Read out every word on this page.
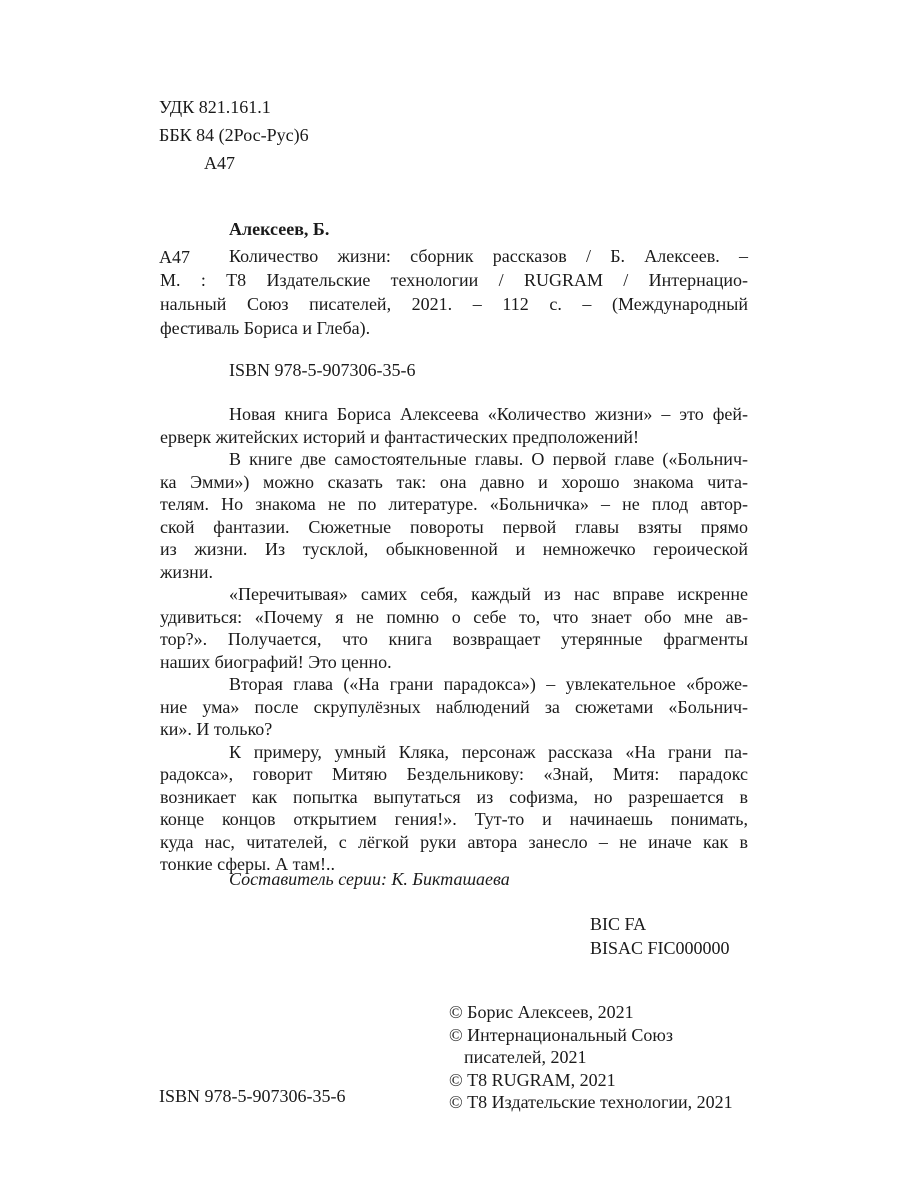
УДК 821.161.1
ББК 84 (2Рос-Рус)6
А47
Алексеев, Б.
А47 Количество жизни: сборник рассказов / Б. Алексеев. –
М. : Т8 Издательские технологии / RUGRAM / Интернацио-
нальный Союз писателей, 2021. – 112 с. – (Международный
фестиваль Бориса и Глеба).
ISBN 978-5-907306-35-6
Новая книга Бориса Алексеева «Количество жизни» – это фей-
ерверк житейских историй и фантастических предположений!
В книге две самостоятельные главы. О первой главе («Больнич-
ка Эмми») можно сказать так: она давно и хорошо знакома чита-
телям. Но знакома не по литературе. «Больничка» – не плод автор-
ской фантазии. Сюжетные повороты первой главы взяты прямо
из жизни. Из тусклой, обыкновенной и немножечко героической
жизни.
«Перечитывая» самих себя, каждый из нас вправе искренне
удивиться: «Почему я не помню о себе то, что знает обо мне ав-
тор?». Получается, что книга возвращает утерянные фрагменты
наших биографий! Это ценно.
Вторая глава («На грани парадокса») – увлекательное «броже-
ние ума» после скрупулёзных наблюдений за сюжетами «Больнич-
ки». И только?
К примеру, умный Кляка, персонаж рассказа «На грани па-
радокса», говорит Митяю Бездельникову: «Знай, Митя: парадокс
возникает как попытка выпутаться из софизма, но разрешается в
конце концов открытием гения!». Тут-то и начинаешь понимать,
куда нас, читателей, с лёгкой руки автора занесло – не иначе как в
тонкие сферы. А там!..
Составитель серии: К. Бикташаева
BIC FA
BISAC FIC000000
ISBN 978-5-907306-35-6
© Борис Алексеев, 2021
© Интернациональный Союз
писателей, 2021
© Т8 RUGRAM, 2021
© Т8 Издательские технологии, 2021
